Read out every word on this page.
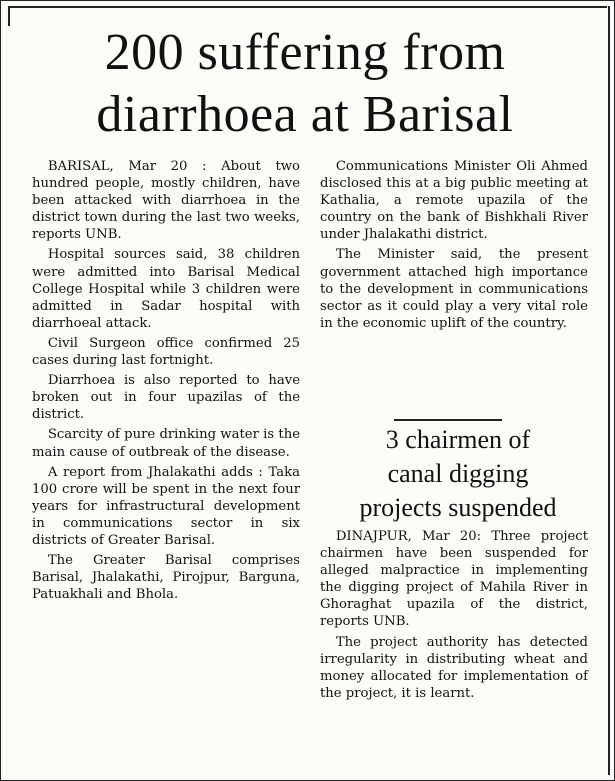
200 suffering from
diarrhoea at Barisal

BARISAL, Mar 20 : About two hundred people, mostly children, have been attacked with diarrhoea in the district town during the last two weeks, reports UNB.

Hospital sources said, 38 children were admitted into Barisal Medical College Hospital while 3 children were admitted in Sadar hospital with diarrhoeal attack.

Civil Surgeon office confirmed 25 cases during last fortnight.

Diarrhoea is also reported to have broken out in four upazilas of the district.

Scarcity of pure drinking water is the main cause of outbreak of the disease.

A report from Jhalakathi adds : Taka 100 crore will be spent in the next four years for infrastructural development in communications sector in six districts of Greater Barisal.

The Greater Barisal comprises Barisal, Jhalakathi, Pirojpur, Barguna, Patuakhali and Bhola.

Communications Minister Oli Ahmed disclosed this at a big public meeting at Kathalia, a remote upazila of the country on the bank of Bishkhali River under Jhalakathi district.

The Minister said, the present government attached high importance to the development in communications sector as it could play a very vital role in the economic uplift of the country.

3 chairmen of
canal digging
projects suspended

DINAJPUR, Mar 20: Three project chairmen have been suspended for alleged malpractice in implementing the digging project of Mahila River in Ghoraghat upazila of the district, reports UNB.

The project authority has detected irregularity in distributing wheat and money allocated for implementation of the project, it is learnt.
